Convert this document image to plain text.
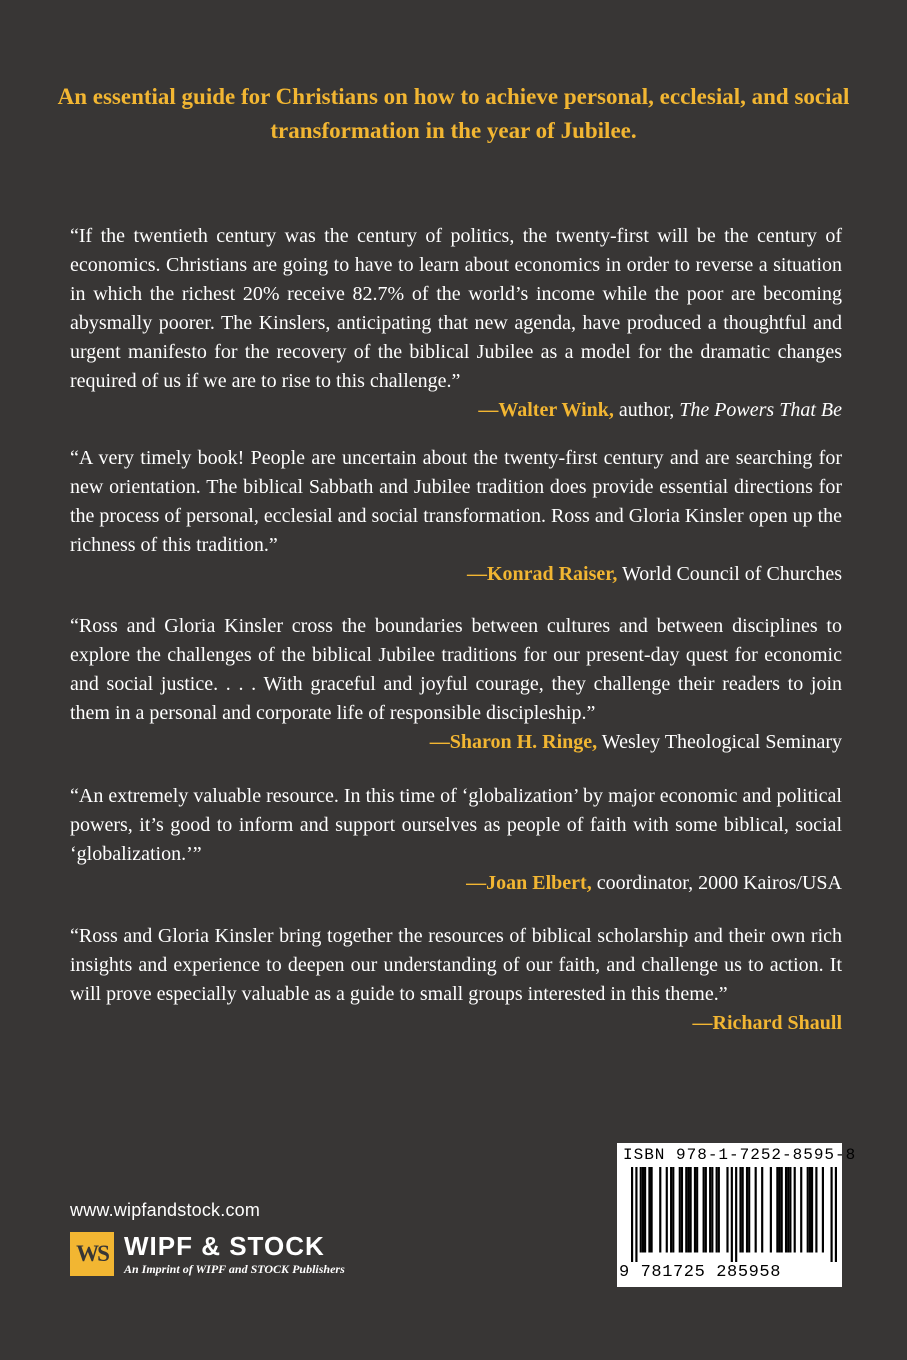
An essential guide for Christians on how to achieve personal, ecclesial, and social transformation in the year of Jubilee.

“If the twentieth century was the century of politics, the twenty-first will be the century of economics. Christians are going to have to learn about economics in order to reverse a situation in which the richest 20% receive 82.7% of the world’s income while the poor are becoming abysmally poorer. The Kinslers, anticipating that new agenda, have produced a thoughtful and urgent manifesto for the recovery of the biblical Jubilee as a model for the dramatic changes required of us if we are to rise to this challenge.”

—Walter Wink, author, The Powers That Be

“A very timely book! People are uncertain about the twenty-first century and are searching for new orientation. The biblical Sabbath and Jubilee tradition does provide essential directions for the process of personal, ecclesial and social transformation. Ross and Gloria Kinsler open up the richness of this tradition.”

—Konrad Raiser, World Council of Churches

“Ross and Gloria Kinsler cross the boundaries between cultures and between disciplines to explore the challenges of the biblical Jubilee traditions for our present-day quest for economic and social justice. . . . With graceful and joyful courage, they challenge their readers to join them in a personal and corporate life of responsible discipleship.”

—Sharon H. Ringe, Wesley Theological Seminary

“An extremely valuable resource. In this time of ‘globalization’ by major economic and political powers, it’s good to inform and support ourselves as people of faith with some biblical, social ‘globalization.’”

—Joan Elbert, coordinator, 2000 Kairos/USA

“Ross and Gloria Kinsler bring together the resources of biblical scholarship and their own rich insights and experience to deepen our understanding of our faith, and challenge us to action. It will prove especially valuable as a guide to small groups interested in this theme.”

—Richard Shaull

www.wipfandstock.com
WS WIPF & STOCK
An Imprint of WIPF and STOCK Publishers
ISBN 978-1-7252-8595-8
9 781725 285958
